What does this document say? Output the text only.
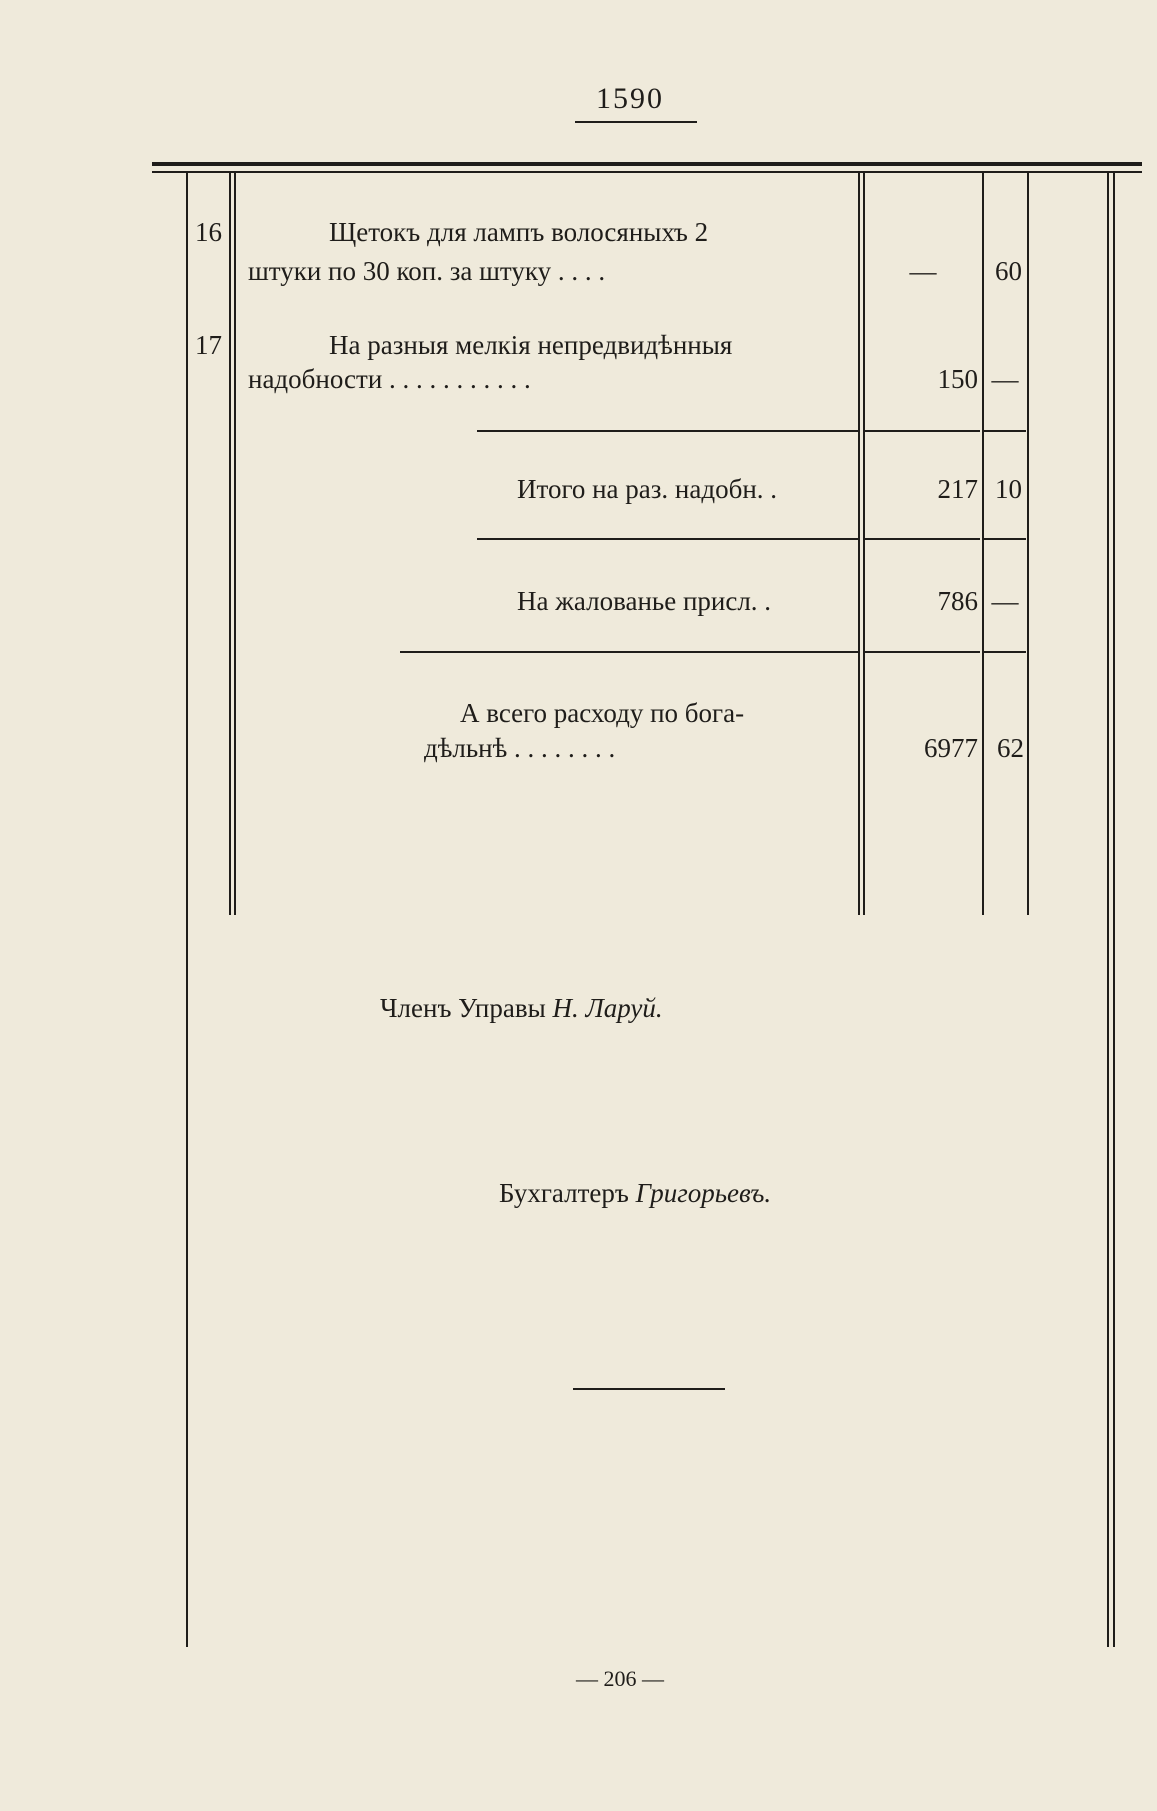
1590
16	Щетокъ для лампъ волосяныхъ 2
штуки по 30 коп. за штуку . . . .	—	60
17	На разныя мелкія непредвидѣнныя
надобности . . . . . . . . . . .	150 —
Итого на раз. надобн. .	217 10
На жалованье присл. .	786 —
А всего расходу по бога-
дѣльнѣ . . . . . . . .	6977 62
Членъ Управы Н. Ларуй.
Бухгалтеръ Григорьевъ.
— 206 —
